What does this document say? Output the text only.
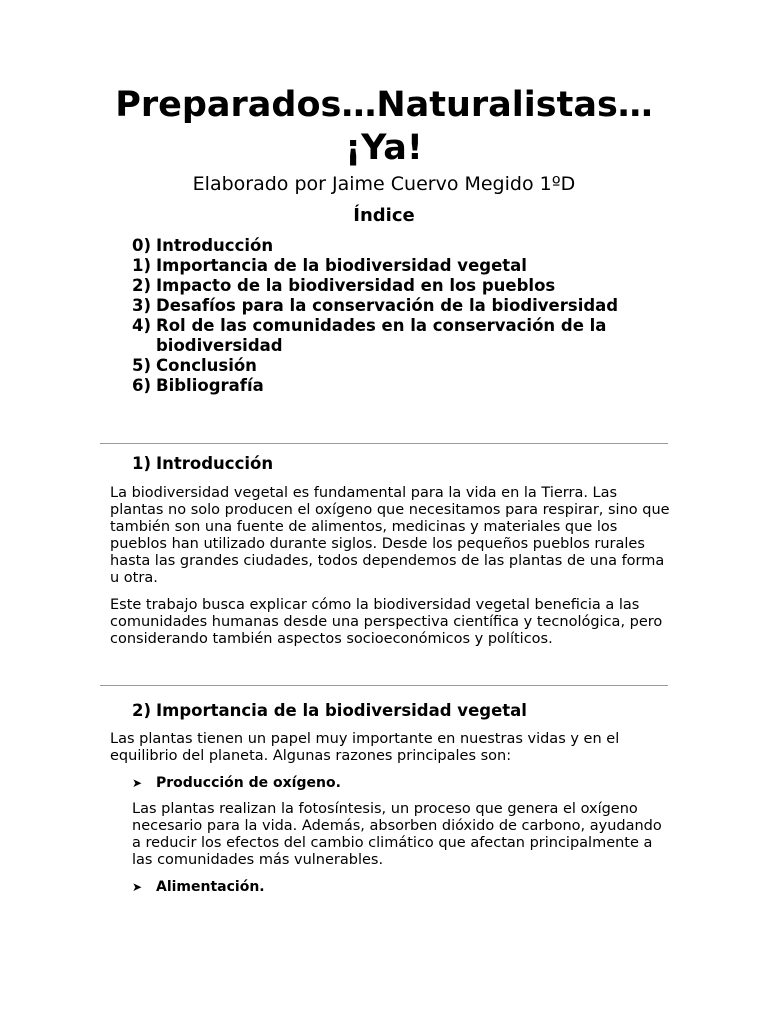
Preparados…Naturalistas… ¡Ya!

Elaborado por Jaime Cuervo Megido 1ºD

Índice
0) Introducción
1) Importancia de la biodiversidad vegetal
2) Impacto de la biodiversidad en los pueblos
3) Desafíos para la conservación de la biodiversidad
4) Rol de las comunidades en la conservación de la biodiversidad
5) Conclusión
6) Bibliografía
1) Introducción

La biodiversidad vegetal es fundamental para la vida en la Tierra. Las plantas no solo producen el oxígeno que necesitamos para respirar, sino que también son una fuente de alimentos, medicinas y materiales que los pueblos han utilizado durante siglos. Desde los pequeños pueblos rurales hasta las grandes ciudades, todos dependemos de las plantas de una forma u otra.

Este trabajo busca explicar cómo la biodiversidad vegetal beneficia a las comunidades humanas desde una perspectiva científica y tecnológica, pero considerando también aspectos socioeconómicos y políticos.

2) Importancia de la biodiversidad vegetal

Las plantas tienen un papel muy importante en nuestras vidas y en el equilibrio del planeta. Algunas razones principales son:

➤ Producción de oxígeno.

Las plantas realizan la fotosíntesis, un proceso que genera el oxígeno necesario para la vida. Además, absorben dióxido de carbono, ayudando a reducir los efectos del cambio climático que afectan principalmente a las comunidades más vulnerables.

➤ Alimentación.
